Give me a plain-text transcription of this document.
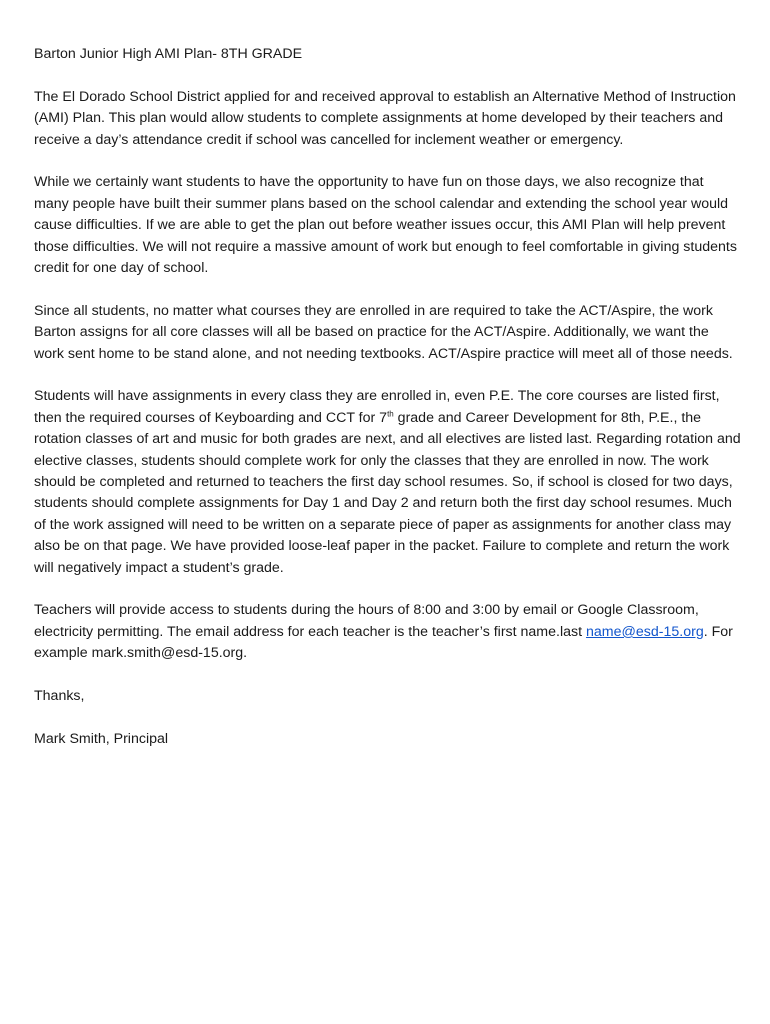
Barton Junior High AMI Plan- 8TH GRADE

The El Dorado School District applied for and received approval to establish an Alternative Method of Instruction (AMI) Plan. This plan would allow students to complete assignments at home developed by their teachers and receive a day’s attendance credit if school was cancelled for inclement weather or emergency.

While we certainly want students to have the opportunity to have fun on those days, we also recognize that many people have built their summer plans based on the school calendar and extending the school year would cause difficulties. If we are able to get the plan out before weather issues occur, this AMI Plan will help prevent those difficulties. We will not require a massive amount of work but enough to feel comfortable in giving students credit for one day of school.

Since all students, no matter what courses they are enrolled in are required to take the ACT/Aspire, the work Barton assigns for all core classes will all be based on practice for the ACT/Aspire. Additionally, we want the work sent home to be stand alone, and not needing textbooks. ACT/Aspire practice will meet all of those needs.

Students will have assignments in every class they are enrolled in, even P.E. The core courses are listed first, then the required courses of Keyboarding and CCT for 7th grade and Career Development for 8th, P.E., the rotation classes of art and music for both grades are next, and all electives are listed last. Regarding rotation and elective classes, students should complete work for only the classes that they are enrolled in now. The work should be completed and returned to teachers the first day school resumes. So, if school is closed for two days, students should complete assignments for Day 1 and Day 2 and return both the first day school resumes. Much of the work assigned will need to be written on a separate piece of paper as assignments for another class may also be on that page. We have provided loose-leaf paper in the packet. Failure to complete and return the work will negatively impact a student’s grade.

Teachers will provide access to students during the hours of 8:00 and 3:00 by email or Google Classroom, electricity permitting. The email address for each teacher is the teacher’s first name.last name@esd-15.org. For example mark.smith@esd-15.org.

Thanks,

Mark Smith, Principal
